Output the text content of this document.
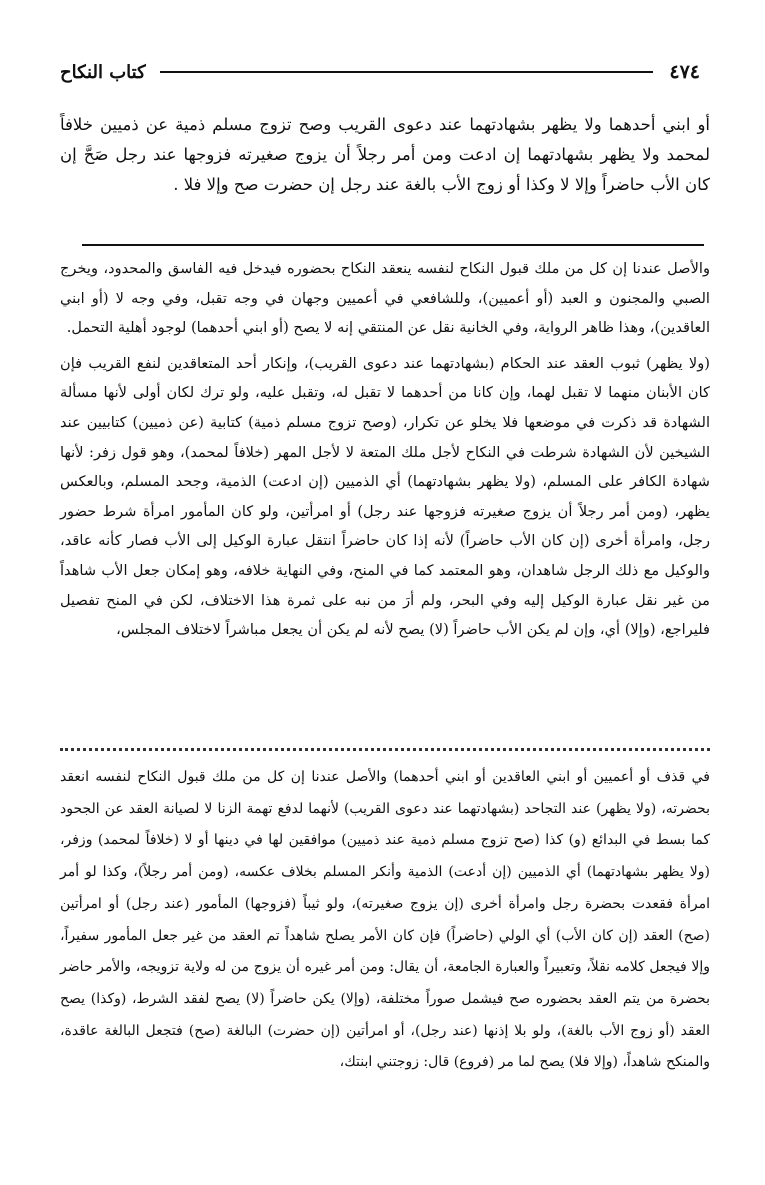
٤٧٤
كتاب النكاح
أو ابني أحدهما ولا يظهر بشهادتهما عند دعوى القريب وصح تزوج مسلم ذمية عن ذميين خلافاً لمحمد ولا يظهر بشهادتهما إن ادعت ومن أمر رجلاً أن يزوج صغيرته فزوجها عند رجل صَحَّ إن كان الأب حاضراً وإلا لا وكذا أو زوج الأب بالغة عند رجل إن حضرت صح وإلا فلا .

والأصل عندنا إن كل من ملك قبول النكاح لنفسه ينعقد النكاح بحضوره فيدخل فيه الفاسق والمحدود، ويخرج الصبي والمجنون و العبد (أو أعميين)، وللشافعي في أعميين وجهان في وجه تقبل، وفي وجه لا (أو ابني العاقدين)، وهذا ظاهر الرواية، وفي الخانية نقل عن المنتقي إنه لا يصح (أو ابني أحدهما) لوجود أهلية التحمل.

(ولا يظهر) ثبوب العقد عند الحكام (بشهادتهما عند دعوى القريب)، وإنكار أحد المتعاقدين لنفع القريب فإن كان الأبنان منهما لا تقبل لهما، وإن كانا من أحدهما لا تقبل له، وتقبل عليه، ولو ترك لكان أولى لأنها مسألة الشهادة قد ذكرت في موضعها فلا يخلو عن تكرار، (وصح تزوج مسلم ذمية) كتابية (عن ذميين) كتابيين عند الشيخين لأن الشهادة شرطت في النكاح لأجل ملك المتعة لا لأجل المهر (خلافاً لمحمد)، وهو قول زفر: لأنها شهادة الكافر على المسلم، (ولا يظهر بشهادتهما) أي الذميين (إن ادعت) الذمية، وجحد المسلم، وبالعكس يظهر، (ومن أمر رجلاً أن يزوج صغيرته فزوجها عند رجل) أو امرأتين، ولو كان المأمور امرأة شرط حضور رجل، وامرأة أخرى (إن كان الأب حاضراً) لأنه إذا كان حاضراً انتقل عبارة الوكيل إلى الأب فصار كأنه عاقد، والوكيل مع ذلك الرجل شاهدان، وهو المعتمد كما في المنح، وفي النهاية خلافه، وهو إمكان جعل الأب شاهداً من غير نقل عبارة الوكيل إليه وفي البحر، ولم أرَ من نبه على ثمرة هذا الاختلاف، لكن في المنح تفصيل فليراجع، (وإلا) أي، وإن لم يكن الأب حاضراً (لا) يصح لأنه لم يكن أن يجعل مباشراً لاختلاف المجلس،

في قذف أو أعميين أو ابني العاقدين أو ابني أحدهما) والأصل عندنا إن كل من ملك قبول النكاح لنفسه انعقد بحضرته، (ولا يظهر) عند التجاحد (بشهادتهما عند دعوى القريب) لأنهما لدفع تهمة الزنا لا لصيانة العقد عن الجحود كما بسط في البدائع (و) كذا (صح تزوج مسلم ذمية عند ذميين) موافقين لها في دينها أو لا (خلافاً لمحمد) وزفر، (ولا يظهر بشهادتهما) أي الذميين (إن أدعت) الذمية وأنكر المسلم بخلاف عكسه، (ومن أمر رجلاً)، وكذا لو أمر امرأة فقعدت بحضرة رجل وامرأة أخرى (إن يزوج صغيرته)، ولو ثيباً (فزوجها) المأمور (عند رجل) أو امرأتين (صح) العقد (إن كان الأب) أي الولي (حاضراً) فإن كان الأمر يصلح شاهداً تم العقد من غير جعل المأمور سفيراً، وإلا فيجعل كلامه نقلاً، وتعبيراً والعبارة الجامعة، أن يقال: ومن أمر غيره أن يزوج من له ولاية تزويجه، والأمر حاضر بحضرة من يتم العقد بحضوره صح فيشمل صوراً مختلفة، (وإلا) يكن حاضراً (لا) يصح لفقد الشرط، (وكذا) يصح العقد (أو زوج الأب بالغة)، ولو بلا إذنها (عند رجل)، أو امرأتين (إن حضرت) البالغة (صح) فتجعل البالغة عاقدة، والمنكح شاهداً، (وإلا فلا) يصح لما مر (فروع) قال: زوجتني ابنتك،
